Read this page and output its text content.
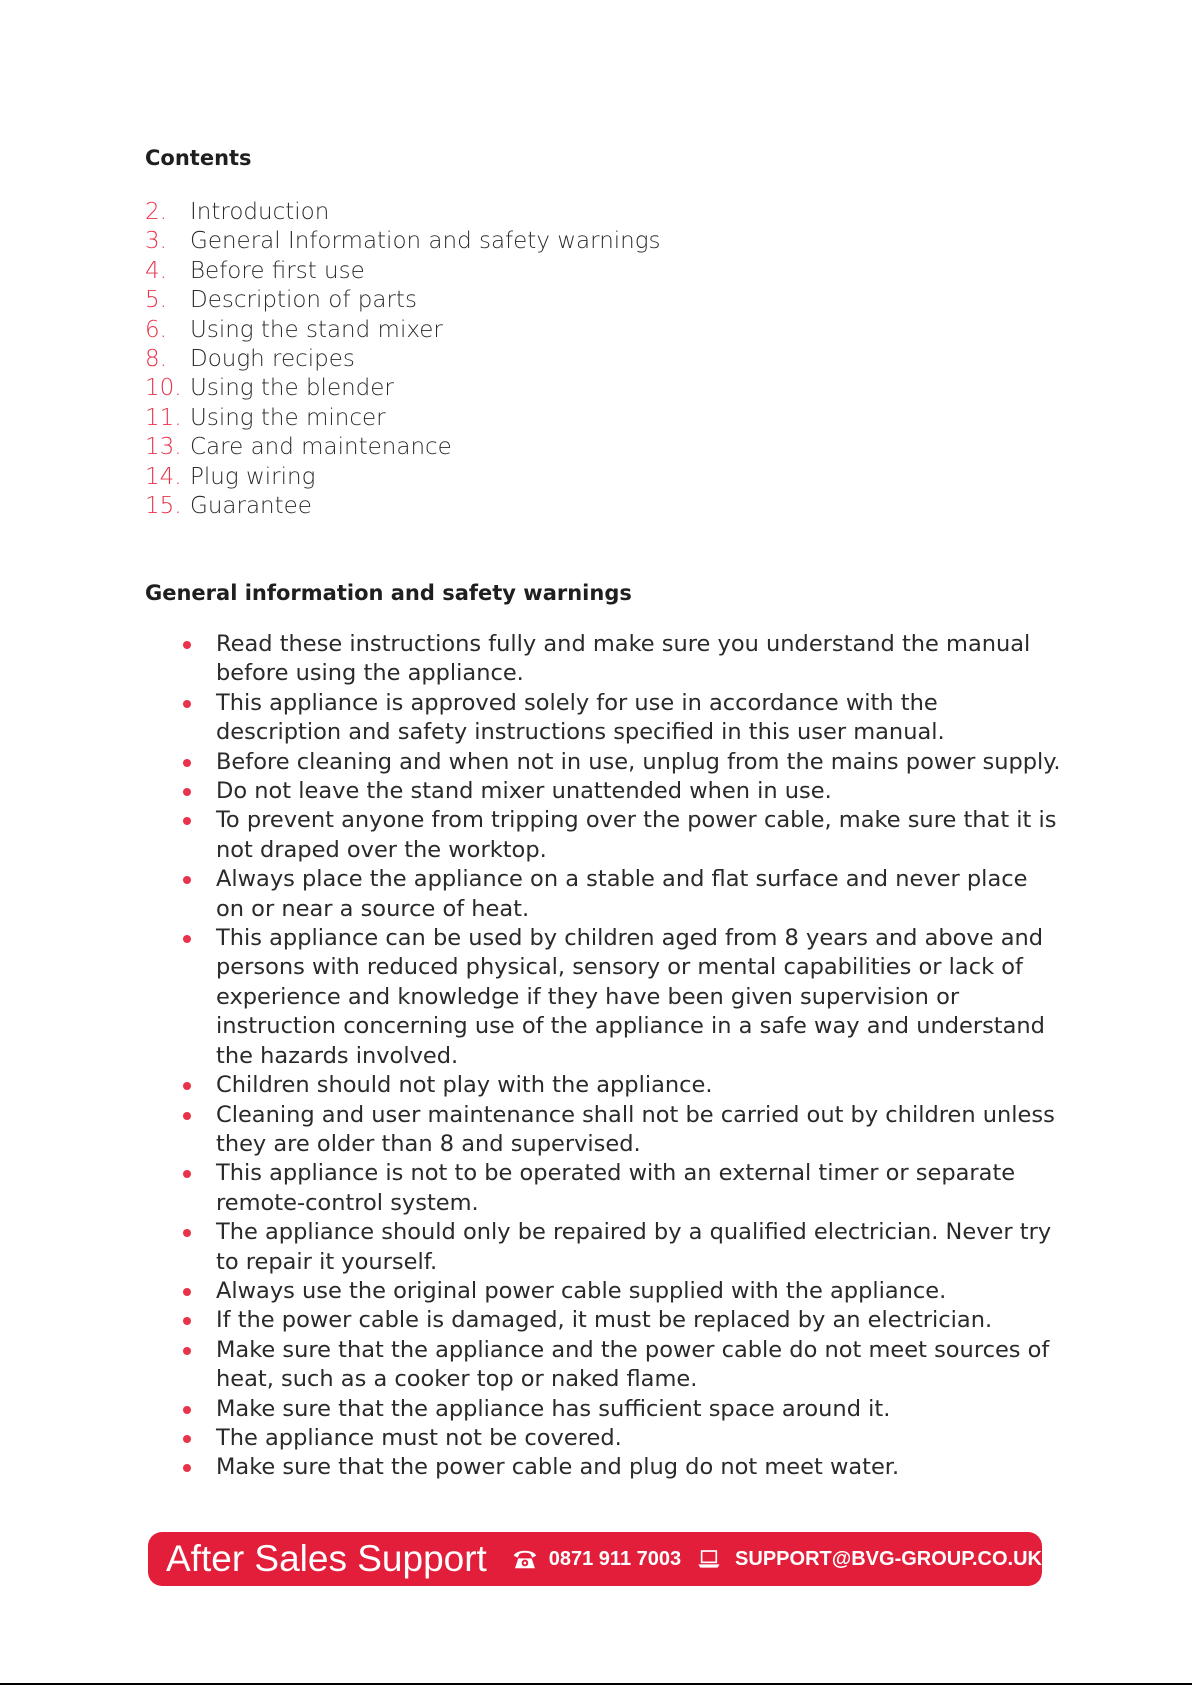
Contents
2. Introduction
3. General Information and safety warnings
4. Before first use
5. Description of parts
6. Using the stand mixer
8. Dough recipes
10. Using the blender
11. Using the mincer
13. Care and maintenance
14. Plug wiring
15. Guarantee
General information and safety warnings
Read these instructions fully and make sure you understand the manual before using the appliance.
This appliance is approved solely for use in accordance with the description and safety instructions specified in this user manual.
Before cleaning and when not in use, unplug from the mains power supply.
Do not leave the stand mixer unattended when in use.
To prevent anyone from tripping over the power cable, make sure that it is not draped over the worktop.
Always place the appliance on a stable and flat surface and never place on or near a source of heat.
This appliance can be used by children aged from 8 years and above and persons with reduced physical, sensory or mental capabilities or lack of experience and knowledge if they have been given supervision or instruction concerning use of the appliance in a safe way and understand the hazards involved.
Children should not play with the appliance.
Cleaning and user maintenance shall not be carried out by children unless they are older than 8 and supervised.
This appliance is not to be operated with an external timer or separate remote-control system.
The appliance should only be repaired by a qualified electrician. Never try to repair it yourself.
Always use the original power cable supplied with the appliance.
If the power cable is damaged, it must be replaced by an electrician.
Make sure that the appliance and the power cable do not meet sources of heat, such as a cooker top or naked flame.
Make sure that the appliance has sufficient space around it.
The appliance must not be covered.
Make sure that the power cable and plug do not meet water.
After Sales Support	0871 911 7003	SUPPORT@BVG-GROUP.CO.UK
